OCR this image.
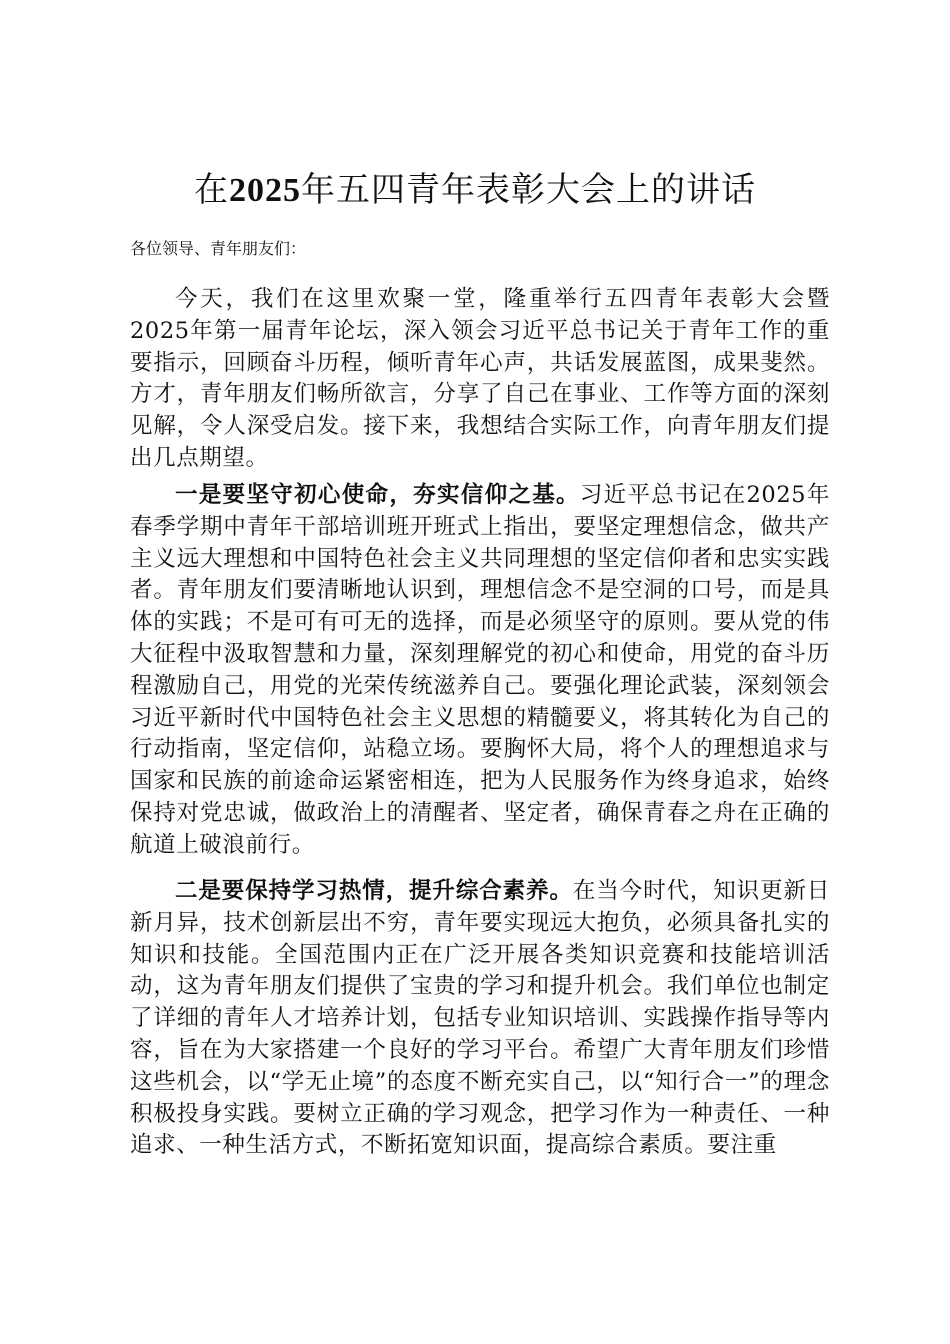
在2025年五四青年表彰大会上的讲话
各位领导、青年朋友们：

今天，我们在这里欢聚一堂，隆重举行五四青年表彰大会暨2025年第一届青年论坛，深入领会习近平总书记关于青年工作的重要指示，回顾奋斗历程，倾听青年心声，共话发展蓝图，成果斐然。方才，青年朋友们畅所欲言，分享了自己在事业、工作等方面的深刻见解，令人深受启发。接下来，我想结合实际工作，向青年朋友们提出几点期望。

一是要坚守初心使命，夯实信仰之基。习近平总书记在2025年春季学期中青年干部培训班开班式上指出，要坚定理想信念，做共产主义远大理想和中国特色社会主义共同理想的坚定信仰者和忠实实践者。青年朋友们要清晰地认识到，理想信念不是空洞的口号，而是具体的实践；不是可有可无的选择，而是必须坚守的原则。要从党的伟大征程中汲取智慧和力量，深刻理解党的初心和使命，用党的奋斗历程激励自己，用党的光荣传统滋养自己。要强化理论武装，深刻领会习近平新时代中国特色社会主义思想的精髓要义，将其转化为自己的行动指南，坚定信仰，站稳立场。要胸怀大局，将个人的理想追求与国家和民族的前途命运紧密相连，把为人民服务作为终身追求，始终保持对党忠诚，做政治上的清醒者、坚定者，确保青春之舟在正确的航道上破浪前行。

二是要保持学习热情，提升综合素养。在当今时代，知识更新日新月异，技术创新层出不穷，青年要实现远大抱负，必须具备扎实的知识和技能。全国范围内正在广泛开展各类知识竞赛和技能培训活动，这为青年朋友们提供了宝贵的学习和提升机会。我们单位也制定了详细的青年人才培养计划，包括专业知识培训、实践操作指导等内容，旨在为大家搭建一个良好的学习平台。希望广大青年朋友们珍惜这些机会，以“学无止境”的态度不断充实自己，以“知行合一”的理念积极投身实践。要树立正确的学习观念，把学习作为一种责任、一种追求、一种生活方式，不断拓宽知识面，提高综合素质。要注重
